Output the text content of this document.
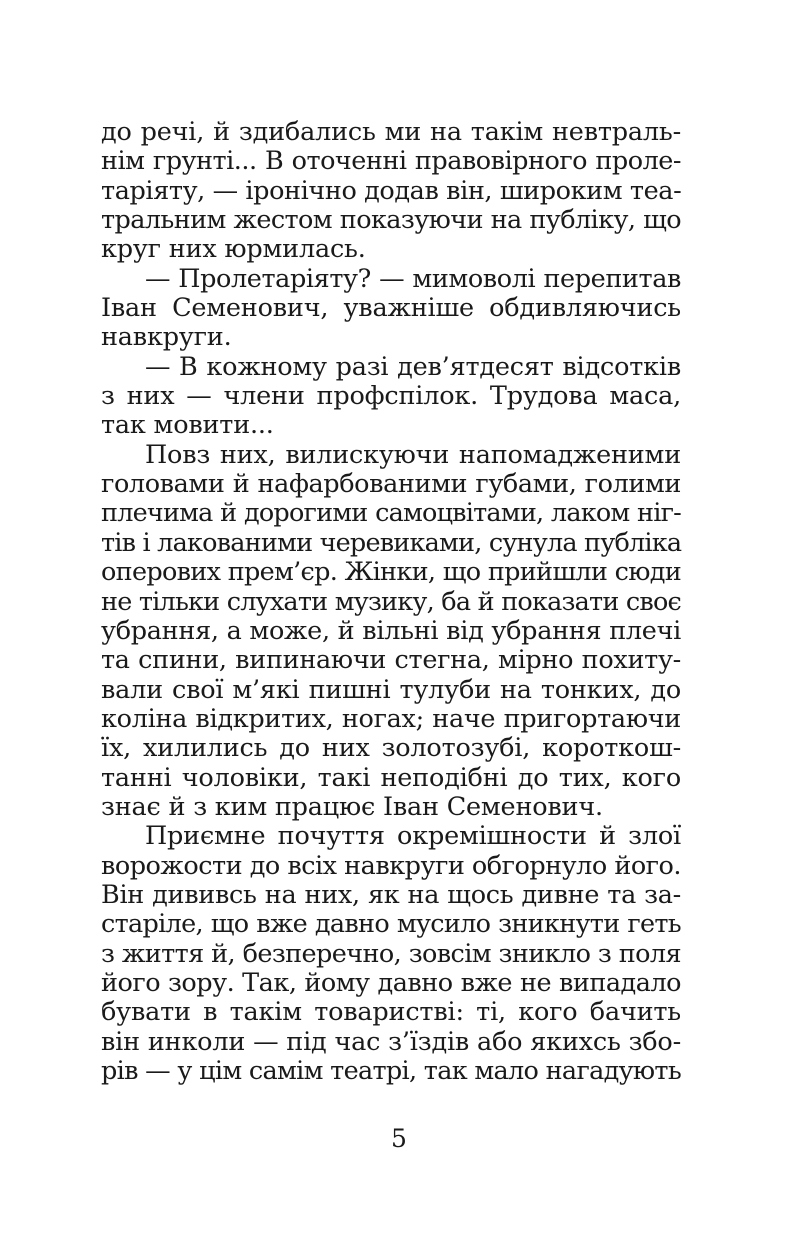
до речі, й здибались ми на такім невтраль-
нім грунті... В оточенні правовірного проле-
таріяту, — іронічно додав він, широким теа-
тральним жестом показуючи на публіку, що
круг них юрмилась.
— Пролетаріяту? — мимоволі перепитав
Іван Семенович, уважніше обдивляючись
навкруги.
— В кожному разі дев’ятдесят відсотків
з них — члени профспілок. Трудова маса,
так мовити...
Повз них, вилискуючи напомадженими
головами й нафарбованими губами, голими
плечима й дорогими самоцвітами, лаком ніг-
тів і лакованими черевиками, сунула публіка
оперових прем’єр. Жінки, що прийшли сюди
не тільки слухати музику, ба й показати своє
убрання, а може, й вільні від убрання плечі
та спини, випинаючи стегна, мірно похиту-
вали свої м’які пишні тулуби на тонких, до
коліна відкритих, ногах; наче пригортаючи
їх, хилились до них золотозубі, короткош-
танні чоловіки, такі неподібні до тих, кого
знає й з ким працює Іван Семенович.
Приємне почуття окремішности й злої
ворожости до всіх навкруги обгорнуло його.
Він дививсь на них, як на щось дивне та за-
старіле, що вже давно мусило зникнути геть
з життя й, безперечно, зовсім зникло з поля
його зору. Так, йому давно вже не випадало
бувати в такім товаристві: ті, кого бачить
він инколи — під час з’їздів або якихсь збо-
рів — у цім самім театрі, так мало нагадують
5
